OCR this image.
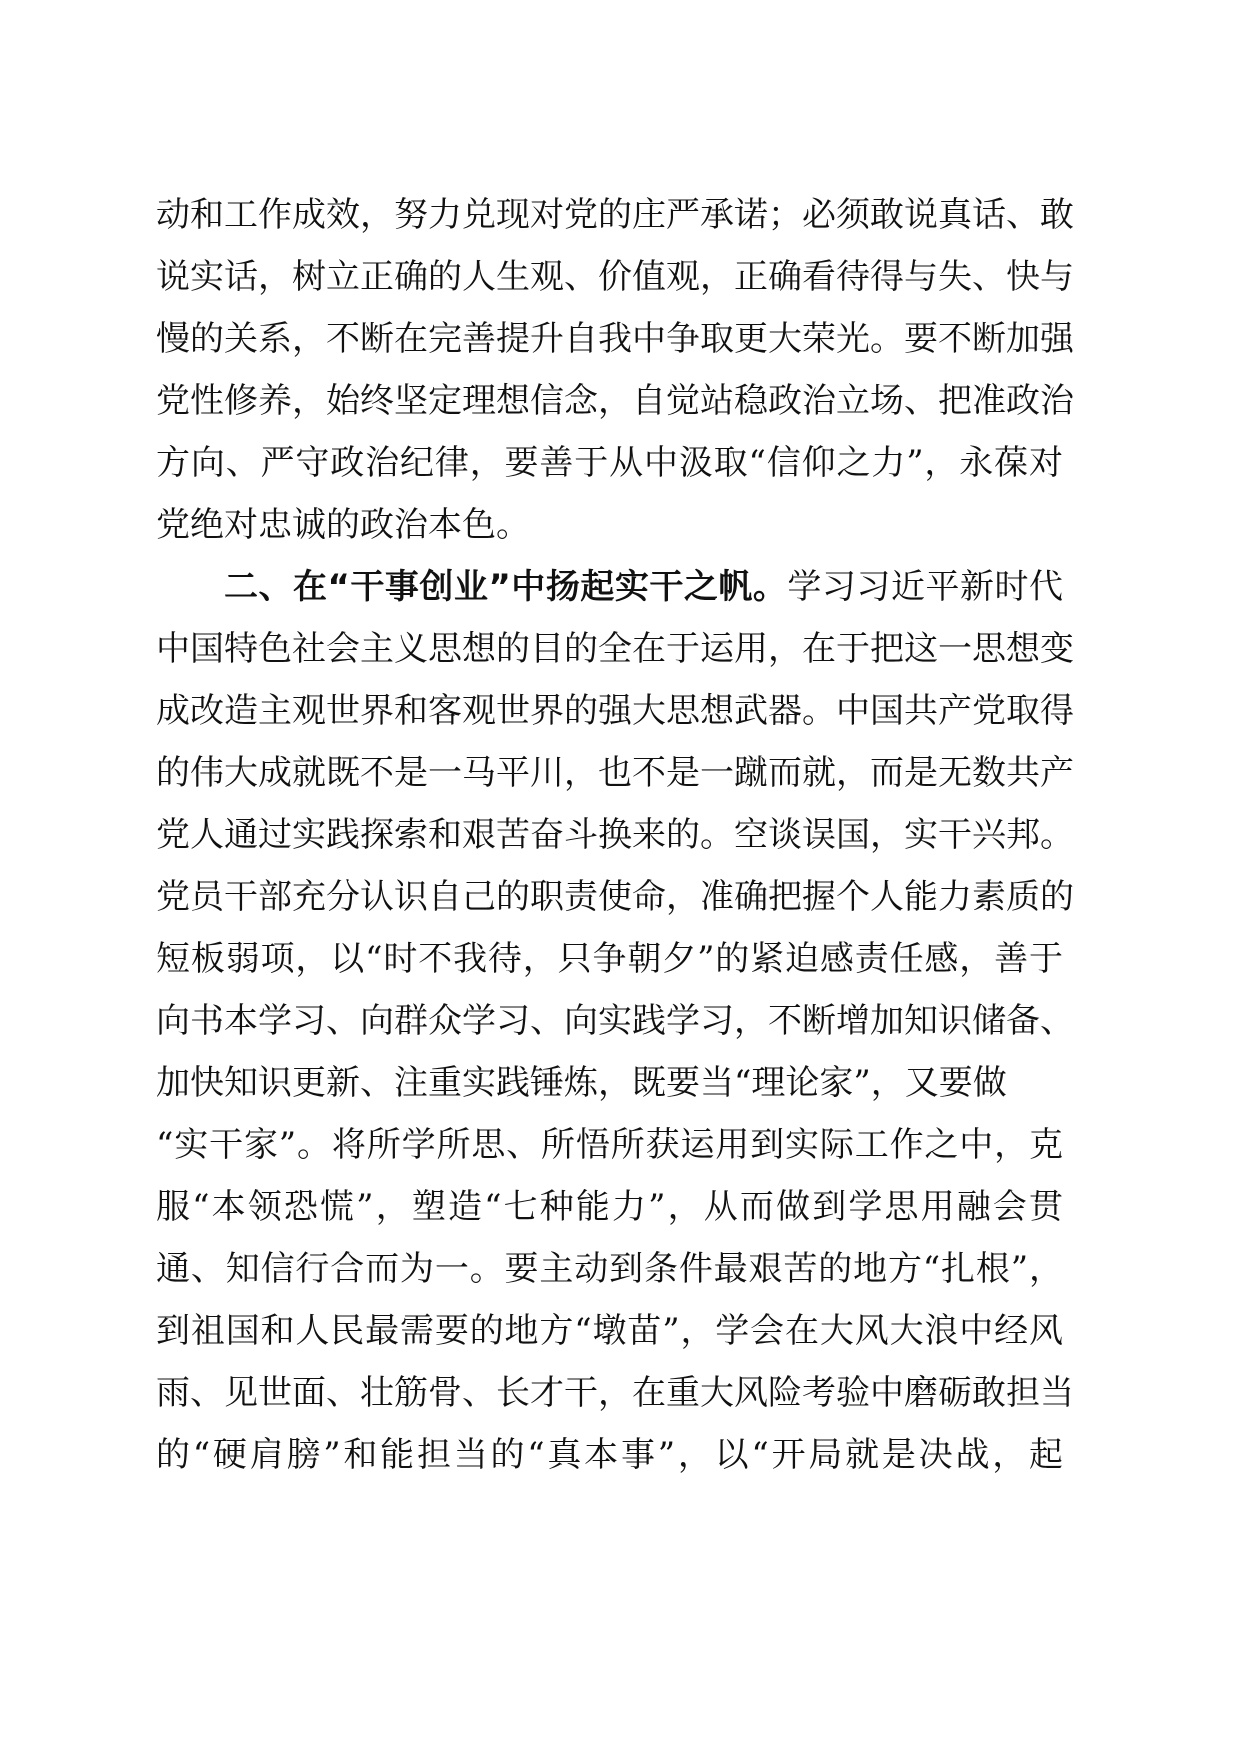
动和工作成效，努力兑现对党的庄严承诺；必须敢说真话、敢
说实话，树立正确的人生观、价值观，正确看待得与失、快与
慢的关系，不断在完善提升自我中争取更大荣光。要不断加强
党性修养，始终坚定理想信念，自觉站稳政治立场、把准政治
方向、严守政治纪律，要善于从中汲取“信仰之力”，永葆对
党绝对忠诚的政治本色。
二、在“干事创业”中扬起实干之帆。学习习近平新时代
中国特色社会主义思想的目的全在于运用，在于把这一思想变
成改造主观世界和客观世界的强大思想武器。中国共产党取得
的伟大成就既不是一马平川，也不是一蹴而就，而是无数共产
党人通过实践探索和艰苦奋斗换来的。空谈误国，实干兴邦。
党员干部充分认识自己的职责使命，准确把握个人能力素质的
短板弱项，以“时不我待，只争朝夕”的紧迫感责任感，善于
向书本学习、向群众学习、向实践学习，不断增加知识储备、
加快知识更新、注重实践锤炼，既要当“理论家”，又要做
“实干家”。将所学所思、所悟所获运用到实际工作之中，克
服“本领恐慌”，塑造“七种能力”，从而做到学思用融会贯
通、知信行合而为一。要主动到条件最艰苦的地方“扎根”，
到祖国和人民最需要的地方“墩苗”，学会在大风大浪中经风
雨、见世面、壮筋骨、长才干，在重大风险考验中磨砺敢担当
的“硬肩膀”和能担当的“真本事”，以“开局就是决战，起
